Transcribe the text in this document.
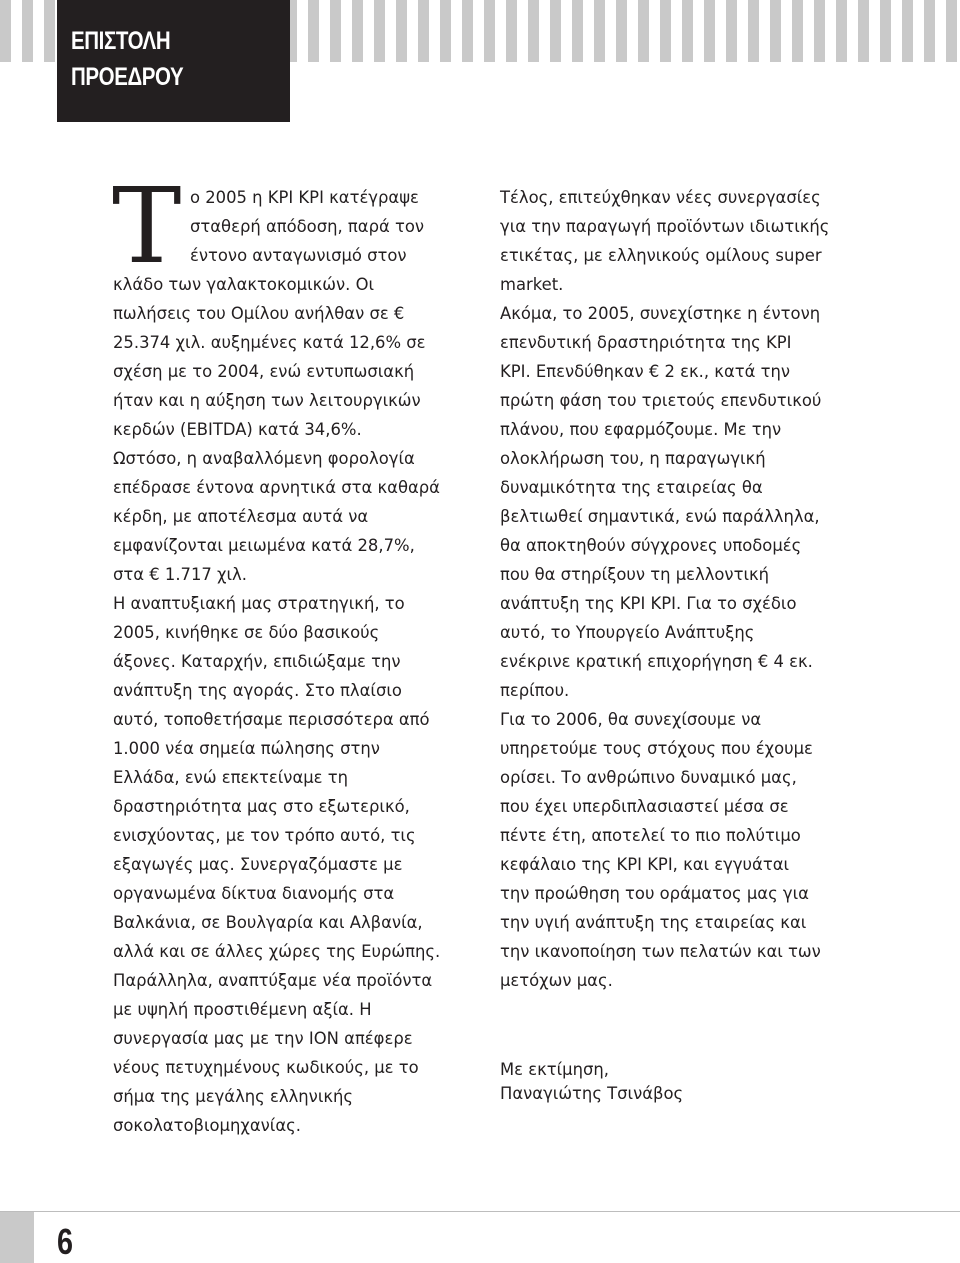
ΕΠΙΣΤΟΛΗ
ΠΡΟΕΔΡΟΥ
Τ ο 2005 η KPI KPI κατέγραψε
σταθερή απόδοση, παρά τον
έντονο ανταγωνισμό στον
κλάδο των γαλακτοκομικών. Οι
πωλήσεις του Ομίλου ανήλθαν σε €
25.374 χιλ. αυξημένες κατά 12,6% σε
σχέση με το 2004, ενώ εντυπωσιακή
ήταν και η αύξηση των λειτουργικών
κερδών (EBITDA) κατά 34,6%.
Ωστόσο, η αναβαλλόμενη φορολογία
επέδρασε έντονα αρνητικά στα καθαρά
κέρδη, με αποτέλεσμα αυτά να
εμφανίζονται μειωμένα κατά 28,7%,
στα € 1.717 χιλ.
Η αναπτυξιακή μας στρατηγική, το
2005, κινήθηκε σε δύο βασικούς
άξονες. Καταρχήν, επιδιώξαμε την
ανάπτυξη της αγοράς. Στο πλαίσιο
αυτό, τοποθετήσαμε περισσότερα από
1.000 νέα σημεία πώλησης στην
Ελλάδα, ενώ επεκτείναμε τη
δραστηριότητα μας στο εξωτερικό,
ενισχύοντας, με τον τρόπο αυτό, τις
εξαγωγές μας. Συνεργαζόμαστε με
οργανωμένα δίκτυα διανομής στα
Βαλκάνια, σε Βουλγαρία και Αλβανία,
αλλά και σε άλλες χώρες της Ευρώπης.
Παράλληλα, αναπτύξαμε νέα προϊόντα
με υψηλή προστιθέμενη αξία. Η
συνεργασία μας με την ΙΟΝ απέφερε
νέους πετυχημένους κωδικούς, με το
σήμα της μεγάλης ελληνικής
σοκολατοβιομηχανίας.
Τέλος, επιτεύχθηκαν νέες συνεργασίες
για την παραγωγή προϊόντων ιδιωτικής
ετικέτας, με ελληνικούς ομίλους super
market.
Ακόμα, το 2005, συνεχίστηκε η έντονη
επενδυτική δραστηριότητα της KPI
KPI. Επενδύθηκαν € 2 εκ., κατά την
πρώτη φάση του τριετούς επενδυτικού
πλάνου, που εφαρμόζουμε. Με την
ολοκλήρωση του, η παραγωγική
δυναμικότητα της εταιρείας θα
βελτιωθεί σημαντικά, ενώ παράλληλα,
θα αποκτηθούν σύγχρονες υποδομές
που θα στηρίξουν τη μελλοντική
ανάπτυξη της KPI KPI. Για το σχέδιο
αυτό, το Υπουργείο Ανάπτυξης
ενέκρινε κρατική επιχορήγηση € 4 εκ.
περίπου.
Για το 2006, θα συνεχίσουμε να
υπηρετούμε τους στόχους που έχουμε
ορίσει. Το ανθρώπινο δυναμικό μας,
που έχει υπερδιπλασιαστεί μέσα σε
πέντε έτη, αποτελεί το πιο πολύτιμο
κεφάλαιο της KPI KPI, και εγγυάται
την προώθηση του οράματος μας για
την υγιή ανάπτυξη της εταιρείας και
την ικανοποίηση των πελατών και των
μετόχων μας.
Με εκτίμηση,
Παναγιώτης Τσινάβος
6
